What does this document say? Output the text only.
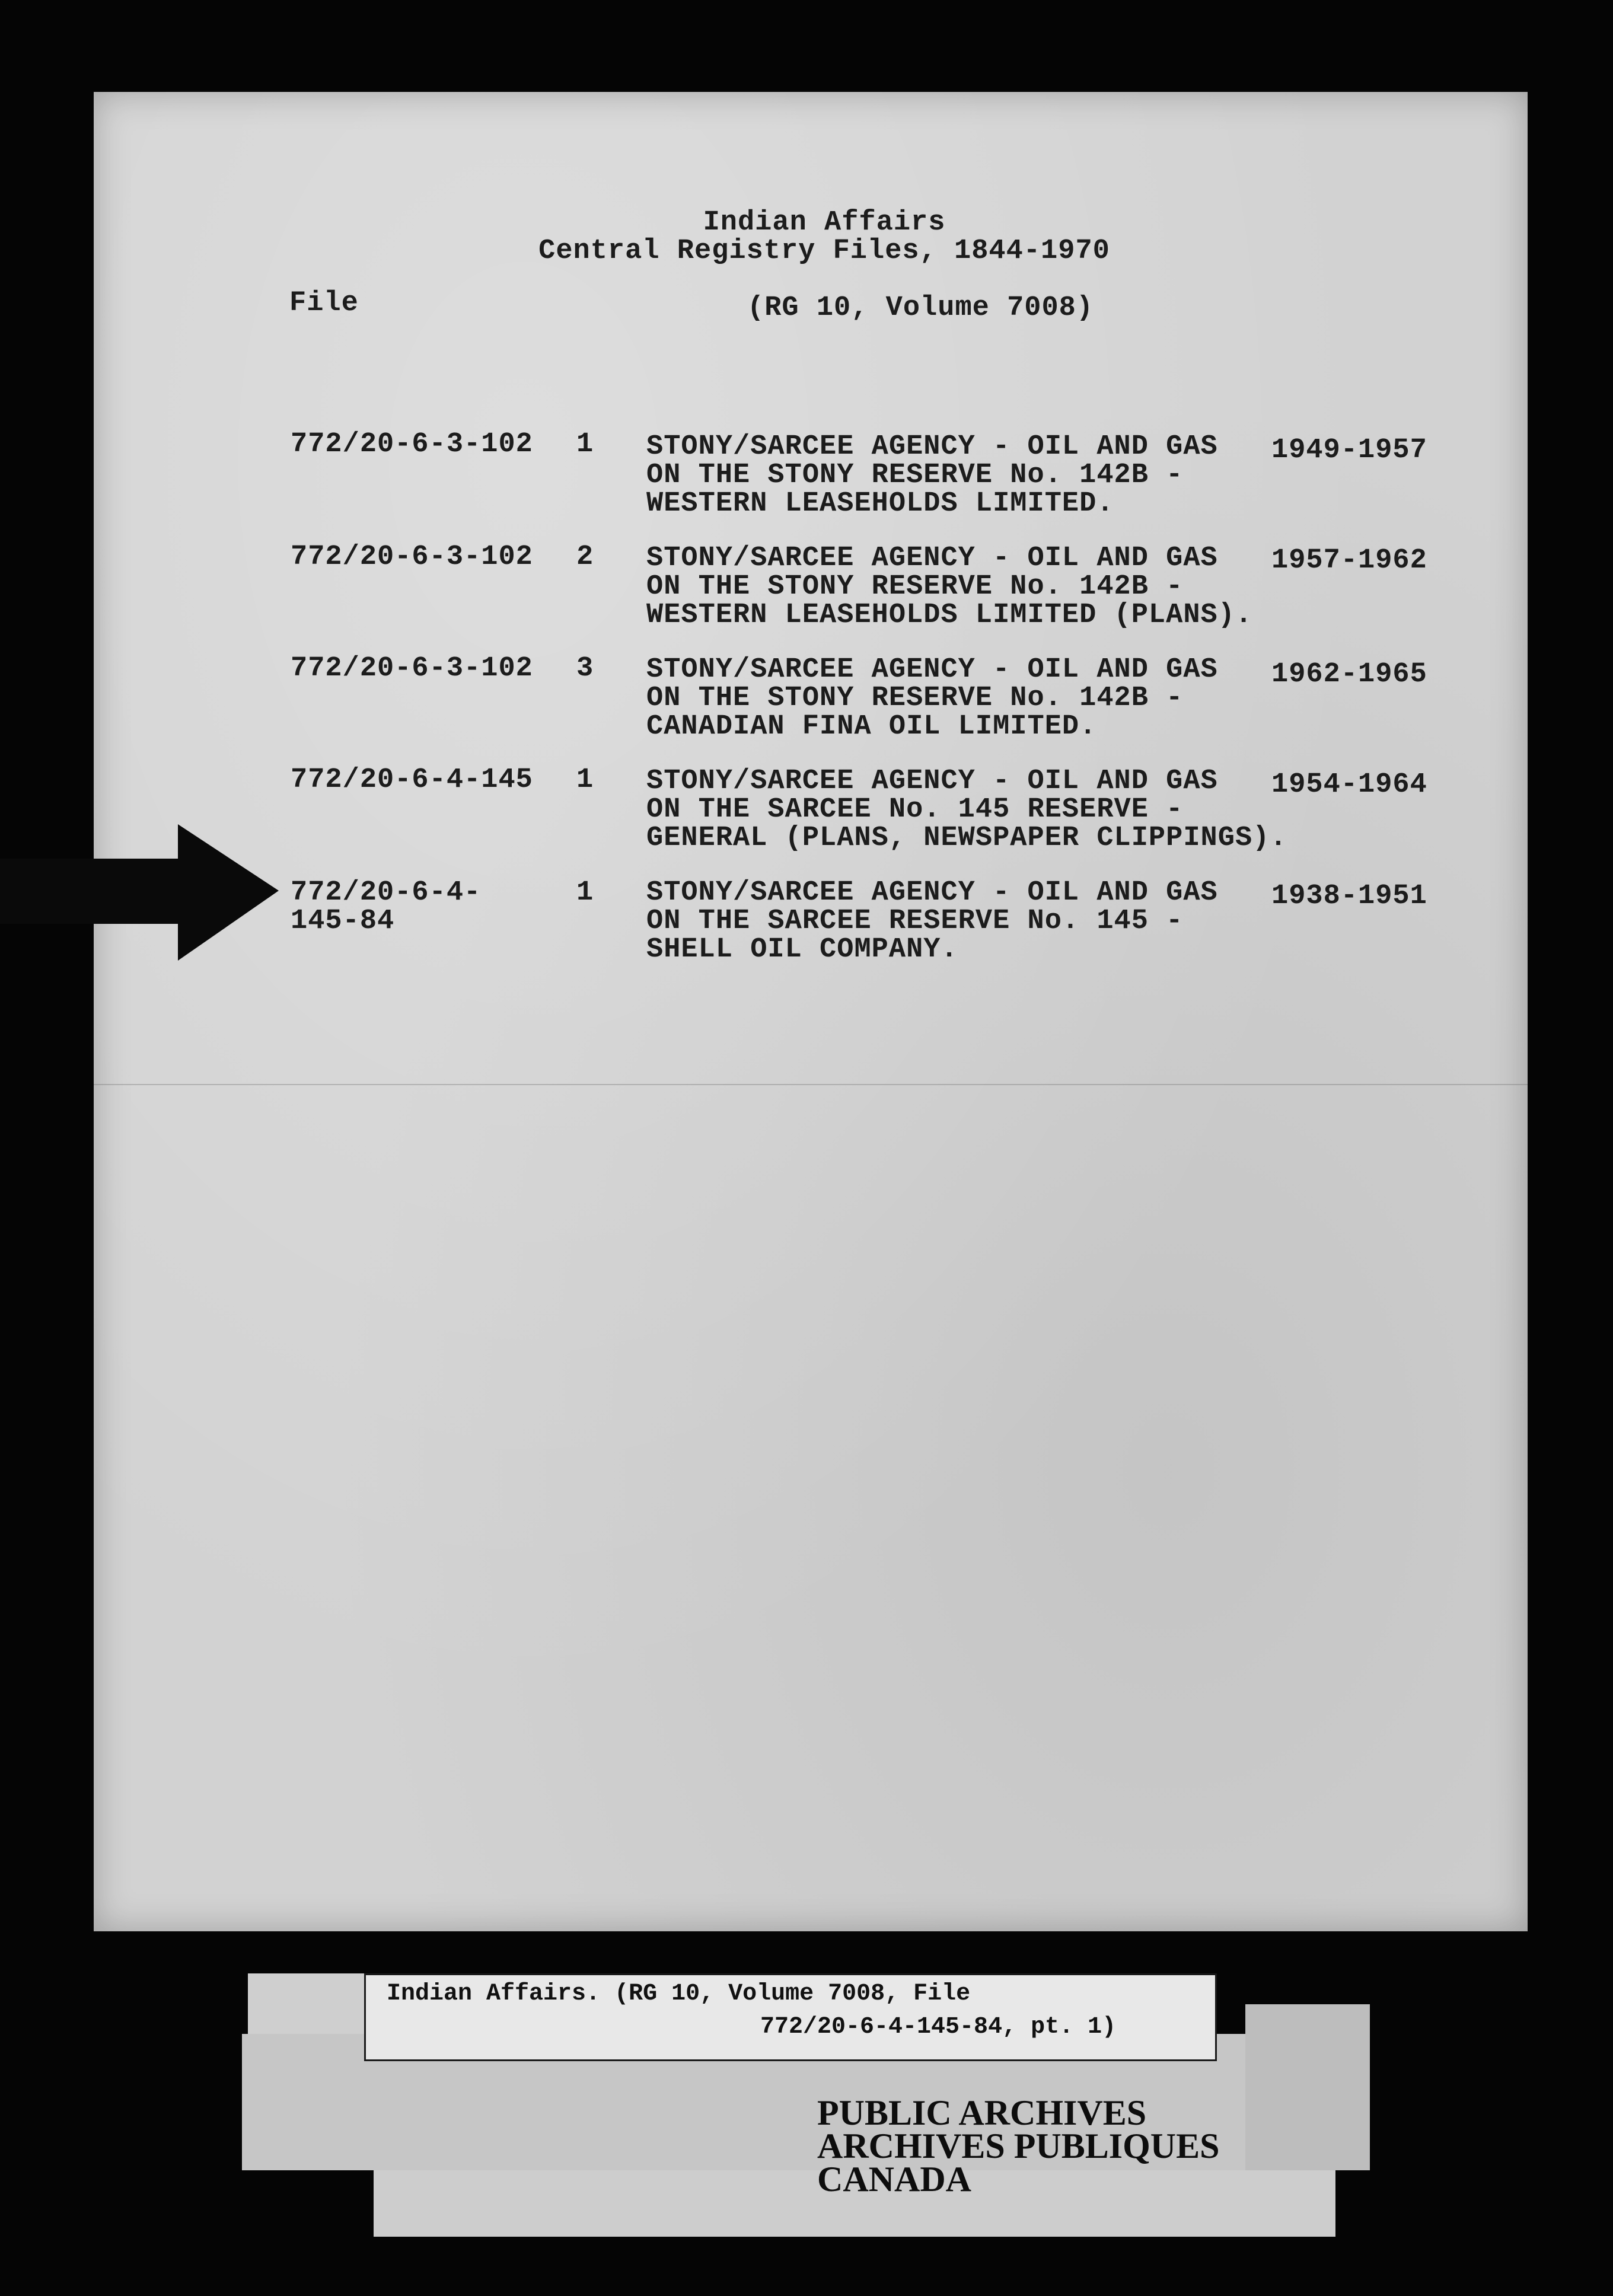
Indian Affairs
Central Registry Files, 1844-1970
File	(RG 10, Volume 7008)
772/20-6-3-102 1 STONY/SARCEE AGENCY - OIL AND GAS
ON THE STONY RESERVE No. 142B -
WESTERN LEASEHOLDS LIMITED.
1949-1957
772/20-6-3-102 2 STONY/SARCEE AGENCY - OIL AND GAS
ON THE STONY RESERVE No. 142B -
WESTERN LEASEHOLDS LIMITED (PLANS).
1957-1962
772/20-6-3-102 3 STONY/SARCEE AGENCY - OIL AND GAS
ON THE STONY RESERVE No. 142B -
CANADIAN FINA OIL LIMITED.
1962-1965
772/20-6-4-145 1 STONY/SARCEE AGENCY - OIL AND GAS
ON THE SARCEE No. 145 RESERVE -
GENERAL (PLANS, NEWSPAPER CLIPPINGS).
1954-1964
772/20-6-4-
145-84
1 STONY/SARCEE AGENCY - OIL AND GAS
ON THE SARCEE RESERVE No. 145 -
SHELL OIL COMPANY.
1938-1951
Indian Affairs. (RG 10, Volume 7008, File
772/20-6-4-145-84, pt. 1)
